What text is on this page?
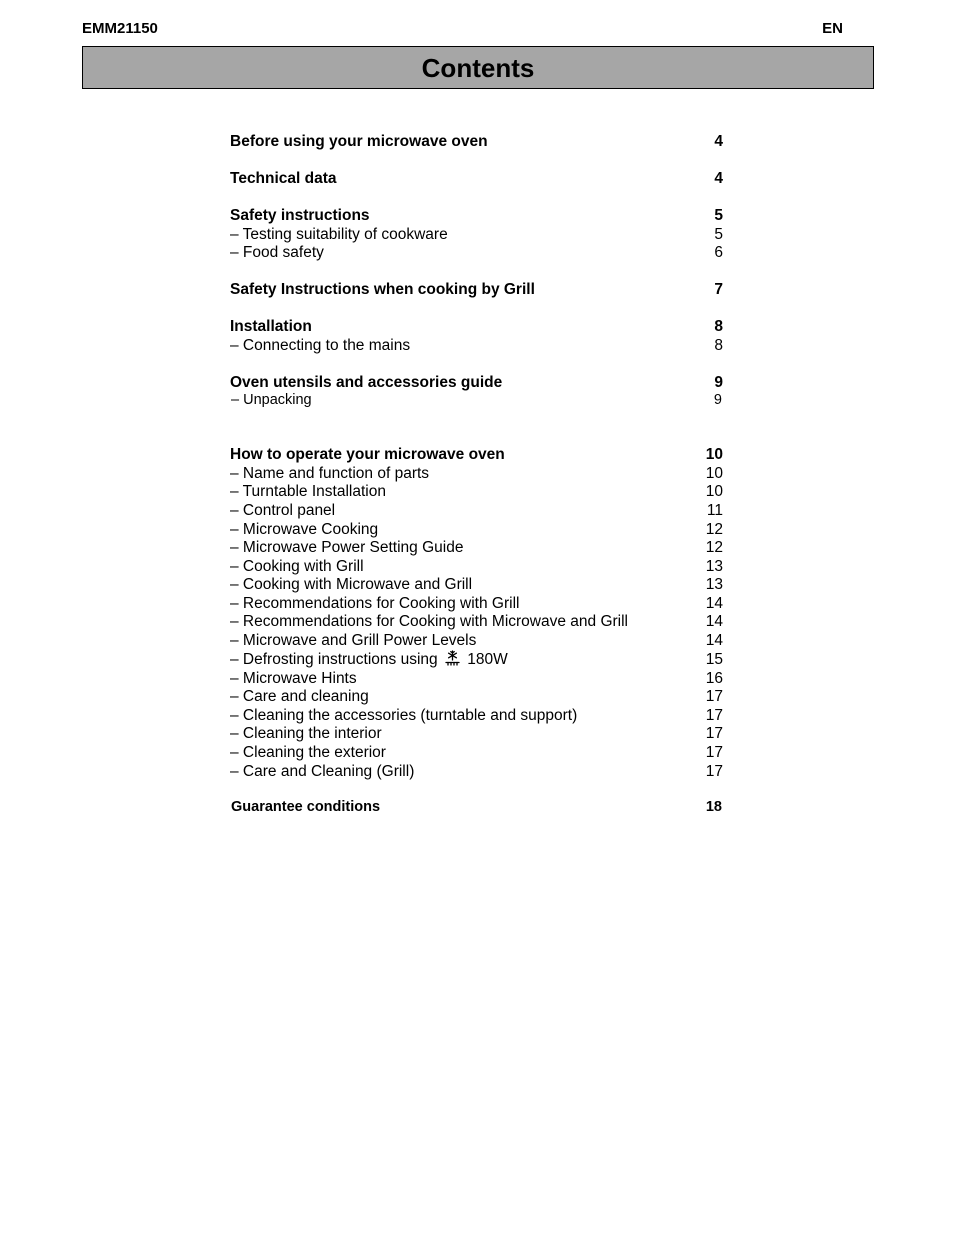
EMM21150	EN
Contents
Before using your microwave oven	4
Technical data	4
Safety instructions	5
– Testing suitability of cookware	5
– Food safety	6
Safety Instructions when cooking by Grill	7
Installation	8
– Connecting to the mains	8
Oven utensils and accessories guide	9
– Unpacking	9
How to operate your microwave oven	10
– Name and function of parts	10
– Turntable Installation	10
– Control panel	11
– Microwave Cooking	12
– Microwave Power Setting Guide	12
– Cooking with Grill	13
– Cooking with Microwave and Grill	13
– Recommendations for Cooking with Grill	14
– Recommendations for Cooking with Microwave and Grill	14
– Microwave and Grill Power Levels	14
– Defrosting instructions using 180W	15
– Microwave Hints	16
– Care and cleaning	17
– Cleaning the accessories (turntable and support)	17
– Cleaning the interior	17
– Cleaning the exterior	17
– Care and Cleaning (Grill)	17
Guarantee conditions	18
